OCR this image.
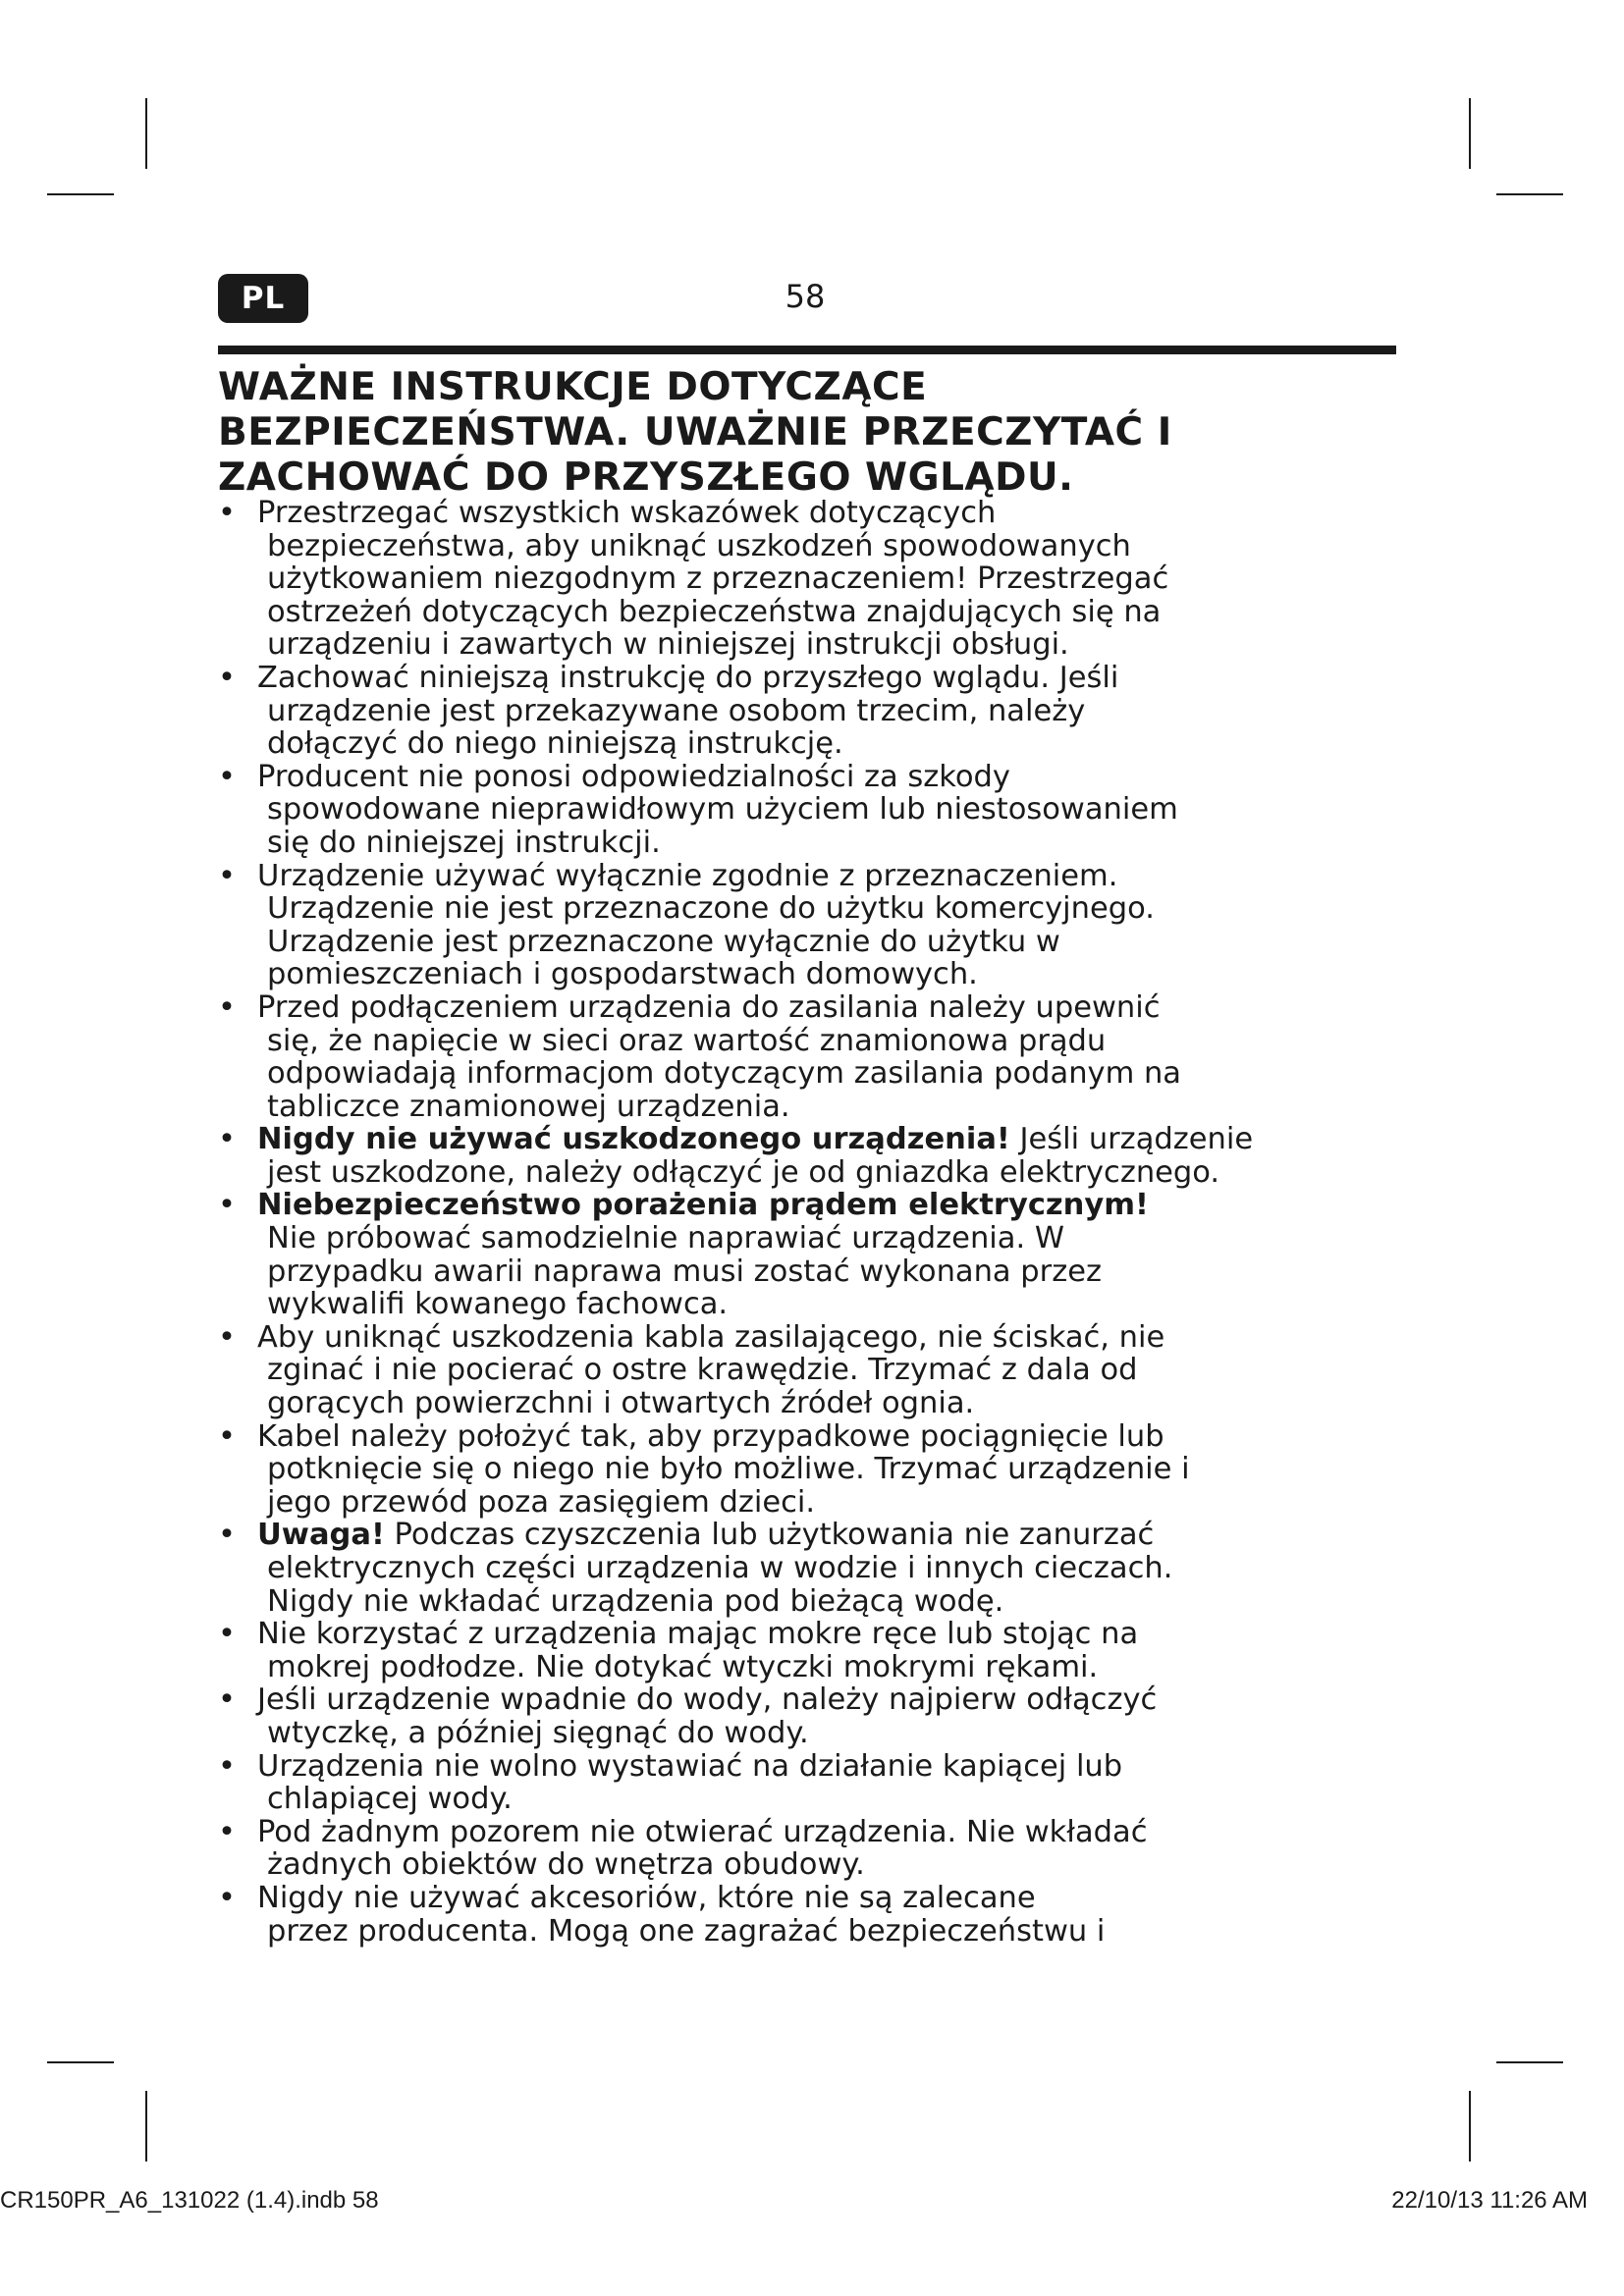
PL	58
WAŻNE INSTRUKCJE DOTYCZĄCE
BEZPIECZEŃSTWA. UWAŻNIE PRZECZYTAĆ I
ZACHOWAĆ DO PRZYSZŁEGO WGLĄDU.
• Przestrzegać wszystkich wskazówek dotyczących
bezpieczeństwa, aby uniknąć uszkodzeń spowodowanych
użytkowaniem niezgodnym z przeznaczeniem! Przestrzegać
ostrzeżeń dotyczących bezpieczeństwa znajdujących się na
urządzeniu i zawartych w niniejszej instrukcji obsługi.
• Zachować niniejszą instrukcję do przyszłego wglądu. Jeśli
urządzenie jest przekazywane osobom trzecim, należy
dołączyć do niego niniejszą instrukcję.
• Producent nie ponosi odpowiedzialności za szkody
spowodowane nieprawidłowym użyciem lub niestosowaniem
się do niniejszej instrukcji.
• Urządzenie używać wyłącznie zgodnie z przeznaczeniem.
Urządzenie nie jest przeznaczone do użytku komercyjnego.
Urządzenie jest przeznaczone wyłącznie do użytku w
pomieszczeniach i gospodarstwach domowych.
• Przed podłączeniem urządzenia do zasilania należy upewnić
się, że napięcie w sieci oraz wartość znamionowa prądu
odpowiadają informacjom dotyczącym zasilania podanym na
tabliczce znamionowej urządzenia.
• Nigdy nie używać uszkodzonego urządzenia! Jeśli urządzenie
jest uszkodzone, należy odłączyć je od gniazdka elektrycznego.
• Niebezpieczeństwo porażenia prądem elektrycznym!
Nie próbować samodzielnie naprawiać urządzenia. W
przypadku awarii naprawa musi zostać wykonana przez
wykwalifi kowanego fachowca.
• Aby uniknąć uszkodzenia kabla zasilającego, nie ściskać, nie
zginać i nie pocierać o ostre krawędzie. Trzymać z dala od
gorących powierzchni i otwartych źródeł ognia.
• Kabel należy położyć tak, aby przypadkowe pociągnięcie lub
potknięcie się o niego nie było możliwe. Trzymać urządzenie i
jego przewód poza zasięgiem dzieci.
• Uwaga! Podczas czyszczenia lub użytkowania nie zanurzać
elektrycznych części urządzenia w wodzie i innych cieczach.
Nigdy nie wkładać urządzenia pod bieżącą wodę.
• Nie korzystać z urządzenia mając mokre ręce lub stojąc na
mokrej podłodze. Nie dotykać wtyczki mokrymi rękami.
• Jeśli urządzenie wpadnie do wody, należy najpierw odłączyć
wtyczkę, a później sięgnąć do wody.
• Urządzenia nie wolno wystawiać na działanie kapiącej lub
chlapiącej wody.
• Pod żadnym pozorem nie otwierać urządzenia. Nie wkładać
żadnych obiektów do wnętrza obudowy.
• Nigdy nie używać akcesoriów, które nie są zalecane
przez producenta. Mogą one zagrażać bezpieczeństwu i
CR150PR_A6_131022 (1.4).indb 58	22/10/13 11:26 AM
